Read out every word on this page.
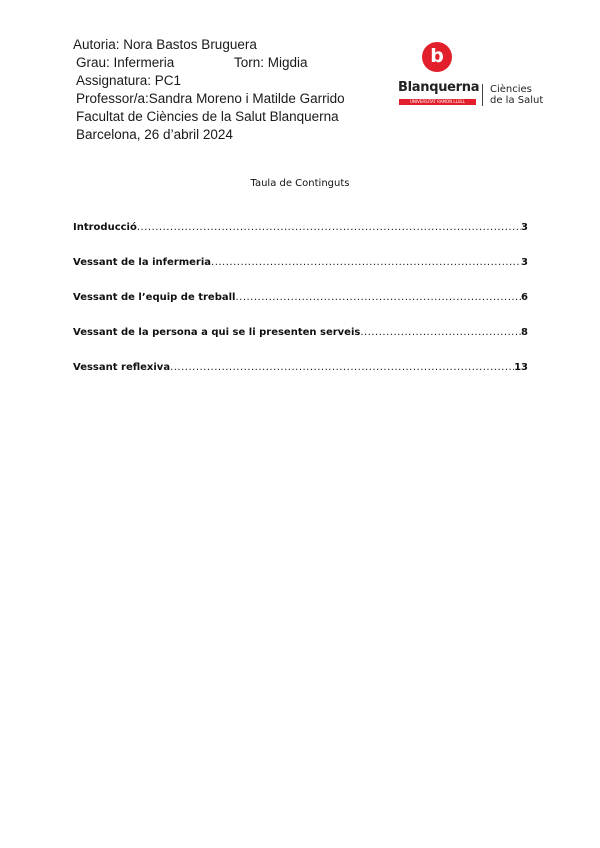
Autoria: Nora Bastos Bruguera
Grau: Infermeria	Torn: Migdia
Assignatura: PC1
Professor/a:Sandra Moreno i Matilde Garrido
Facultat de Ciències de la Salut Blanquerna
Barcelona, 26 d’abril 2024
b
Blanquerna
UNIVERSITAT RAMON LLULL
Ciències
de la Salut
Taula de Continguts
Introducció .....	3
Vessant de la infermeria .....	3
Vessant de l’equip de treball .....	6
Vessant de la persona a qui se li presenten serveis .....	8
Vessant reflexiva .....	13
